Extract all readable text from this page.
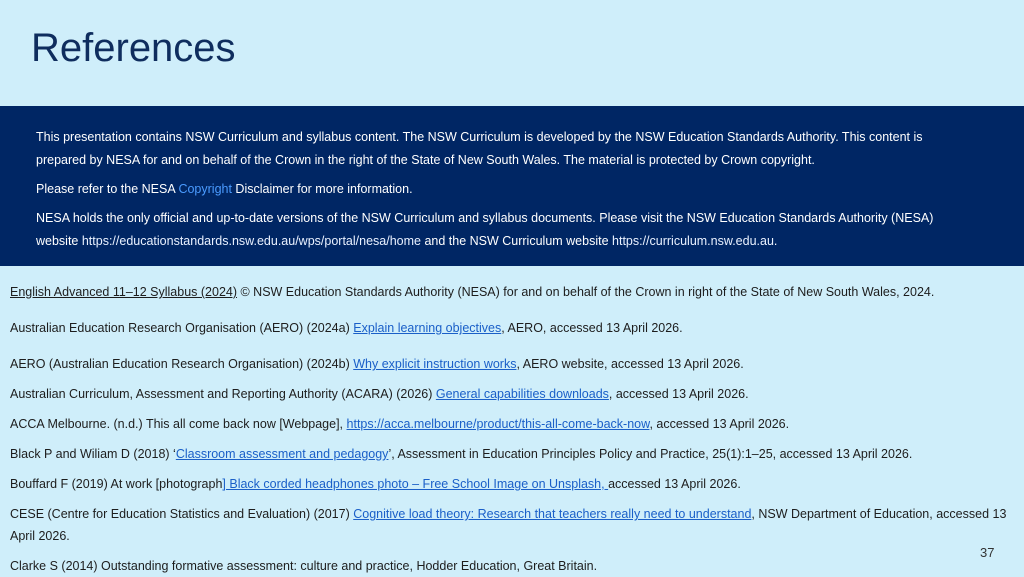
References

This presentation contains NSW Curriculum and syllabus content. The NSW Curriculum is developed by the NSW Education Standards Authority. This content is prepared by NESA for and on behalf of the Crown in the right of the State of New South Wales. The material is protected by Crown copyright.

Please refer to the NESA Copyright Disclaimer for more information.

NESA holds the only official and up-to-date versions of the NSW Curriculum and syllabus documents. Please visit the NSW Education Standards Authority (NESA) website https://educationstandards.nsw.edu.au/wps/portal/nesa/home and the NSW Curriculum website https://curriculum.nsw.edu.au.

English Advanced 11–12 Syllabus (2024) © NSW Education Standards Authority (NESA) for and on behalf of the Crown in right of the State of New South Wales, 2024.

Australian Education Research Organisation (AERO) (2024a) Explain learning objectives, AERO, accessed 13 April 2026.

AERO (Australian Education Research Organisation) (2024b) Why explicit instruction works, AERO website, accessed 13 April 2026.

Australian Curriculum, Assessment and Reporting Authority (ACARA) (2026) General capabilities downloads, accessed 13 April 2026.

ACCA Melbourne. (n.d.) This all come back now [Webpage], https://acca.melbourne/product/this-all-come-back-now, accessed 13 April 2026.

Black P and Wiliam D (2018) ‘Classroom assessment and pedagogy’, Assessment in Education Principles Policy and Practice, 25(1):1–25, accessed 13 April 2026.

Bouffard F (2019) At work [photograph] Black corded headphones photo – Free School Image on Unsplash, accessed 13 April 2026.

CESE (Centre for Education Statistics and Evaluation) (2017) Cognitive load theory: Research that teachers really need to understand, NSW Department of Education, accessed 13 April 2026.

Clarke S (2014) Outstanding formative assessment: culture and practice, Hodder Education, Great Britain.

37
